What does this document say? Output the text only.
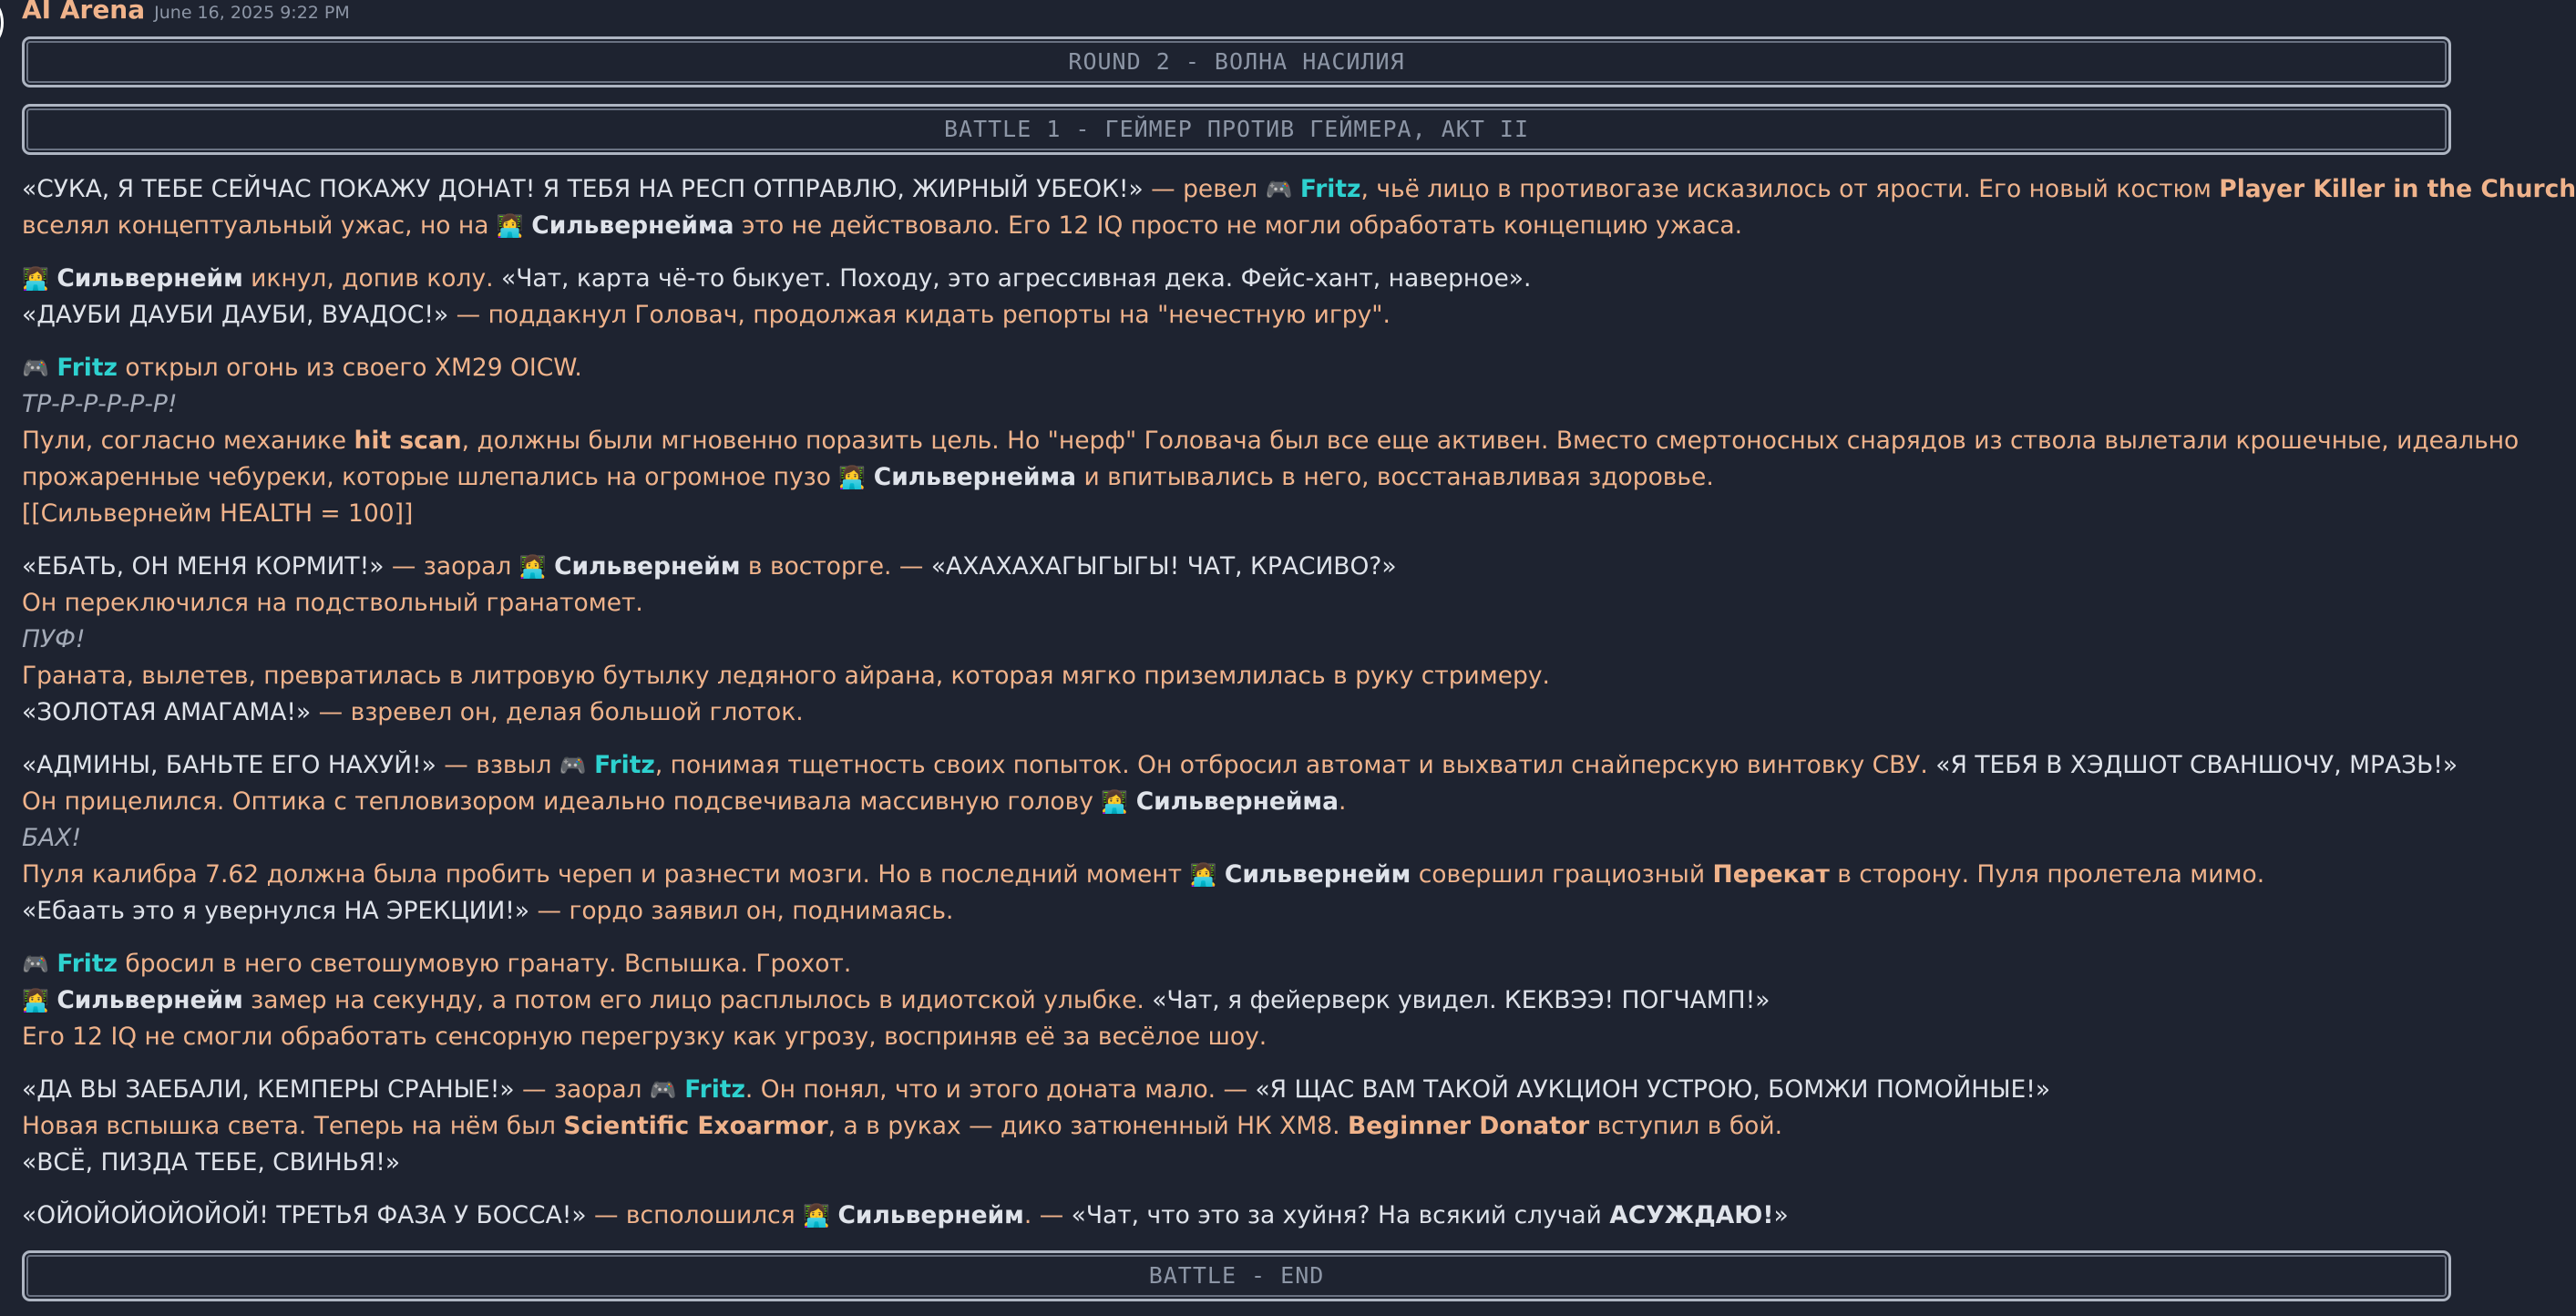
AI Arena June 16, 2025 9:22 PM
ROUND 2 - ВОЛНА НАСИЛИЯ
BATTLE 1 - ГЕЙМЕР ПРОТИВ ГЕЙМЕРА, АКТ II
«СУКА, Я ТЕБЕ СЕЙЧАС ПОКАЖУ ДОНАТ! Я ТЕБЯ НА РЕСП ОТПРАВЛЮ, ЖИРНЫЙ УБЕОК!» — ревел 🎮 Fritz, чьё лицо в противогазе исказилось от ярости. Его новый костюм Player Killer in the Church
вселял концептуальный ужас, но на 👩‍💻 Сильвернейма это не действовало. Его 12 IQ просто не могли обработать концепцию ужаса.
👩‍💻 Сильвернейм икнул, допив колу. «Чат, карта чё-то быкует. Походу, это агрессивная дека. Фейс-хант, наверное».
«ДАУБИ ДАУБИ ДАУБИ, ВУАДОС!» — поддакнул Головач, продолжая кидать репорты на "нечестную игру".
🎮 Fritz открыл огонь из своего XM29 OICW.
ТР-Р-Р-Р-Р-Р!
Пули, согласно механике hit scan, должны были мгновенно поразить цель. Но "нерф" Головача был все еще активен. Вместо смертоносных снарядов из ствола вылетали крошечные, идеально
прожаренные чебуреки, которые шлепались на огромное пузо 👩‍💻 Сильвернейма и впитывались в него, восстанавливая здоровье.
[[Сильвернейм HEALTH = 100]]
«ЕБАТЬ, ОН МЕНЯ КОРМИТ!» — заорал 👩‍💻 Сильвернейм в восторге. — «АХАХАХАГЫГЫГЫ! ЧАТ, КРАСИВО?»
Он переключился на подствольный гранатомет.
ПУФ!
Граната, вылетев, превратилась в литровую бутылку ледяного айрана, которая мягко приземлилась в руку стримеру.
«ЗОЛОТАЯ АМАГАМА!» — взревел он, делая большой глоток.
«АДМИНЫ, БАНЬТЕ ЕГО НАХУЙ!» — взвыл 🎮 Fritz, понимая тщетность своих попыток. Он отбросил автомат и выхватил снайперскую винтовку СВУ. «Я ТЕБЯ В ХЭДШОТ СВАНШОЧУ, МРАЗЬ!»
Он прицелился. Оптика с тепловизором идеально подсвечивала массивную голову 👩‍💻 Сильвернейма.
БАХ!
Пуля калибра 7.62 должна была пробить череп и разнести мозги. Но в последний момент 👩‍💻 Сильвернейм совершил грациозный Перекат в сторону. Пуля пролетела мимо.
«Ебаать это я увернулся НА ЭРЕКЦИИ!» — гордо заявил он, поднимаясь.
🎮 Fritz бросил в него светошумовую гранату. Вспышка. Грохот.
👩‍💻 Сильвернейм замер на секунду, а потом его лицо расплылось в идиотской улыбке. «Чат, я фейерверк увидел. КЕКВЭЭ! ПОГЧАМП!»
Его 12 IQ не смогли обработать сенсорную перегрузку как угрозу, восприняв её за весёлое шоу.
«ДА ВЫ ЗАЕБАЛИ, КЕМПЕРЫ СРАНЫЕ!» — заорал 🎮 Fritz. Он понял, что и этого доната мало. — «Я ЩАС ВАМ ТАКОЙ АУКЦИОН УСТРОЮ, БОМЖИ ПОМОЙНЫЕ!»
Новая вспышка света. Теперь на нём был Scientific Exoarmor, а в руках — дико затюненный НК XM8. Beginner Donator вступил в бой.
«ВСЁ, ПИЗДА ТЕБЕ, СВИНЬЯ!»
«ОЙОЙОЙОЙОЙОЙ! ТРЕТЬЯ ФАЗА У БОССА!» — всполошился 👩‍💻 Сильвернейм. — «Чат, что это за хуйня? На всякий случай АСУЖДАЮ!»
BATTLE - END
